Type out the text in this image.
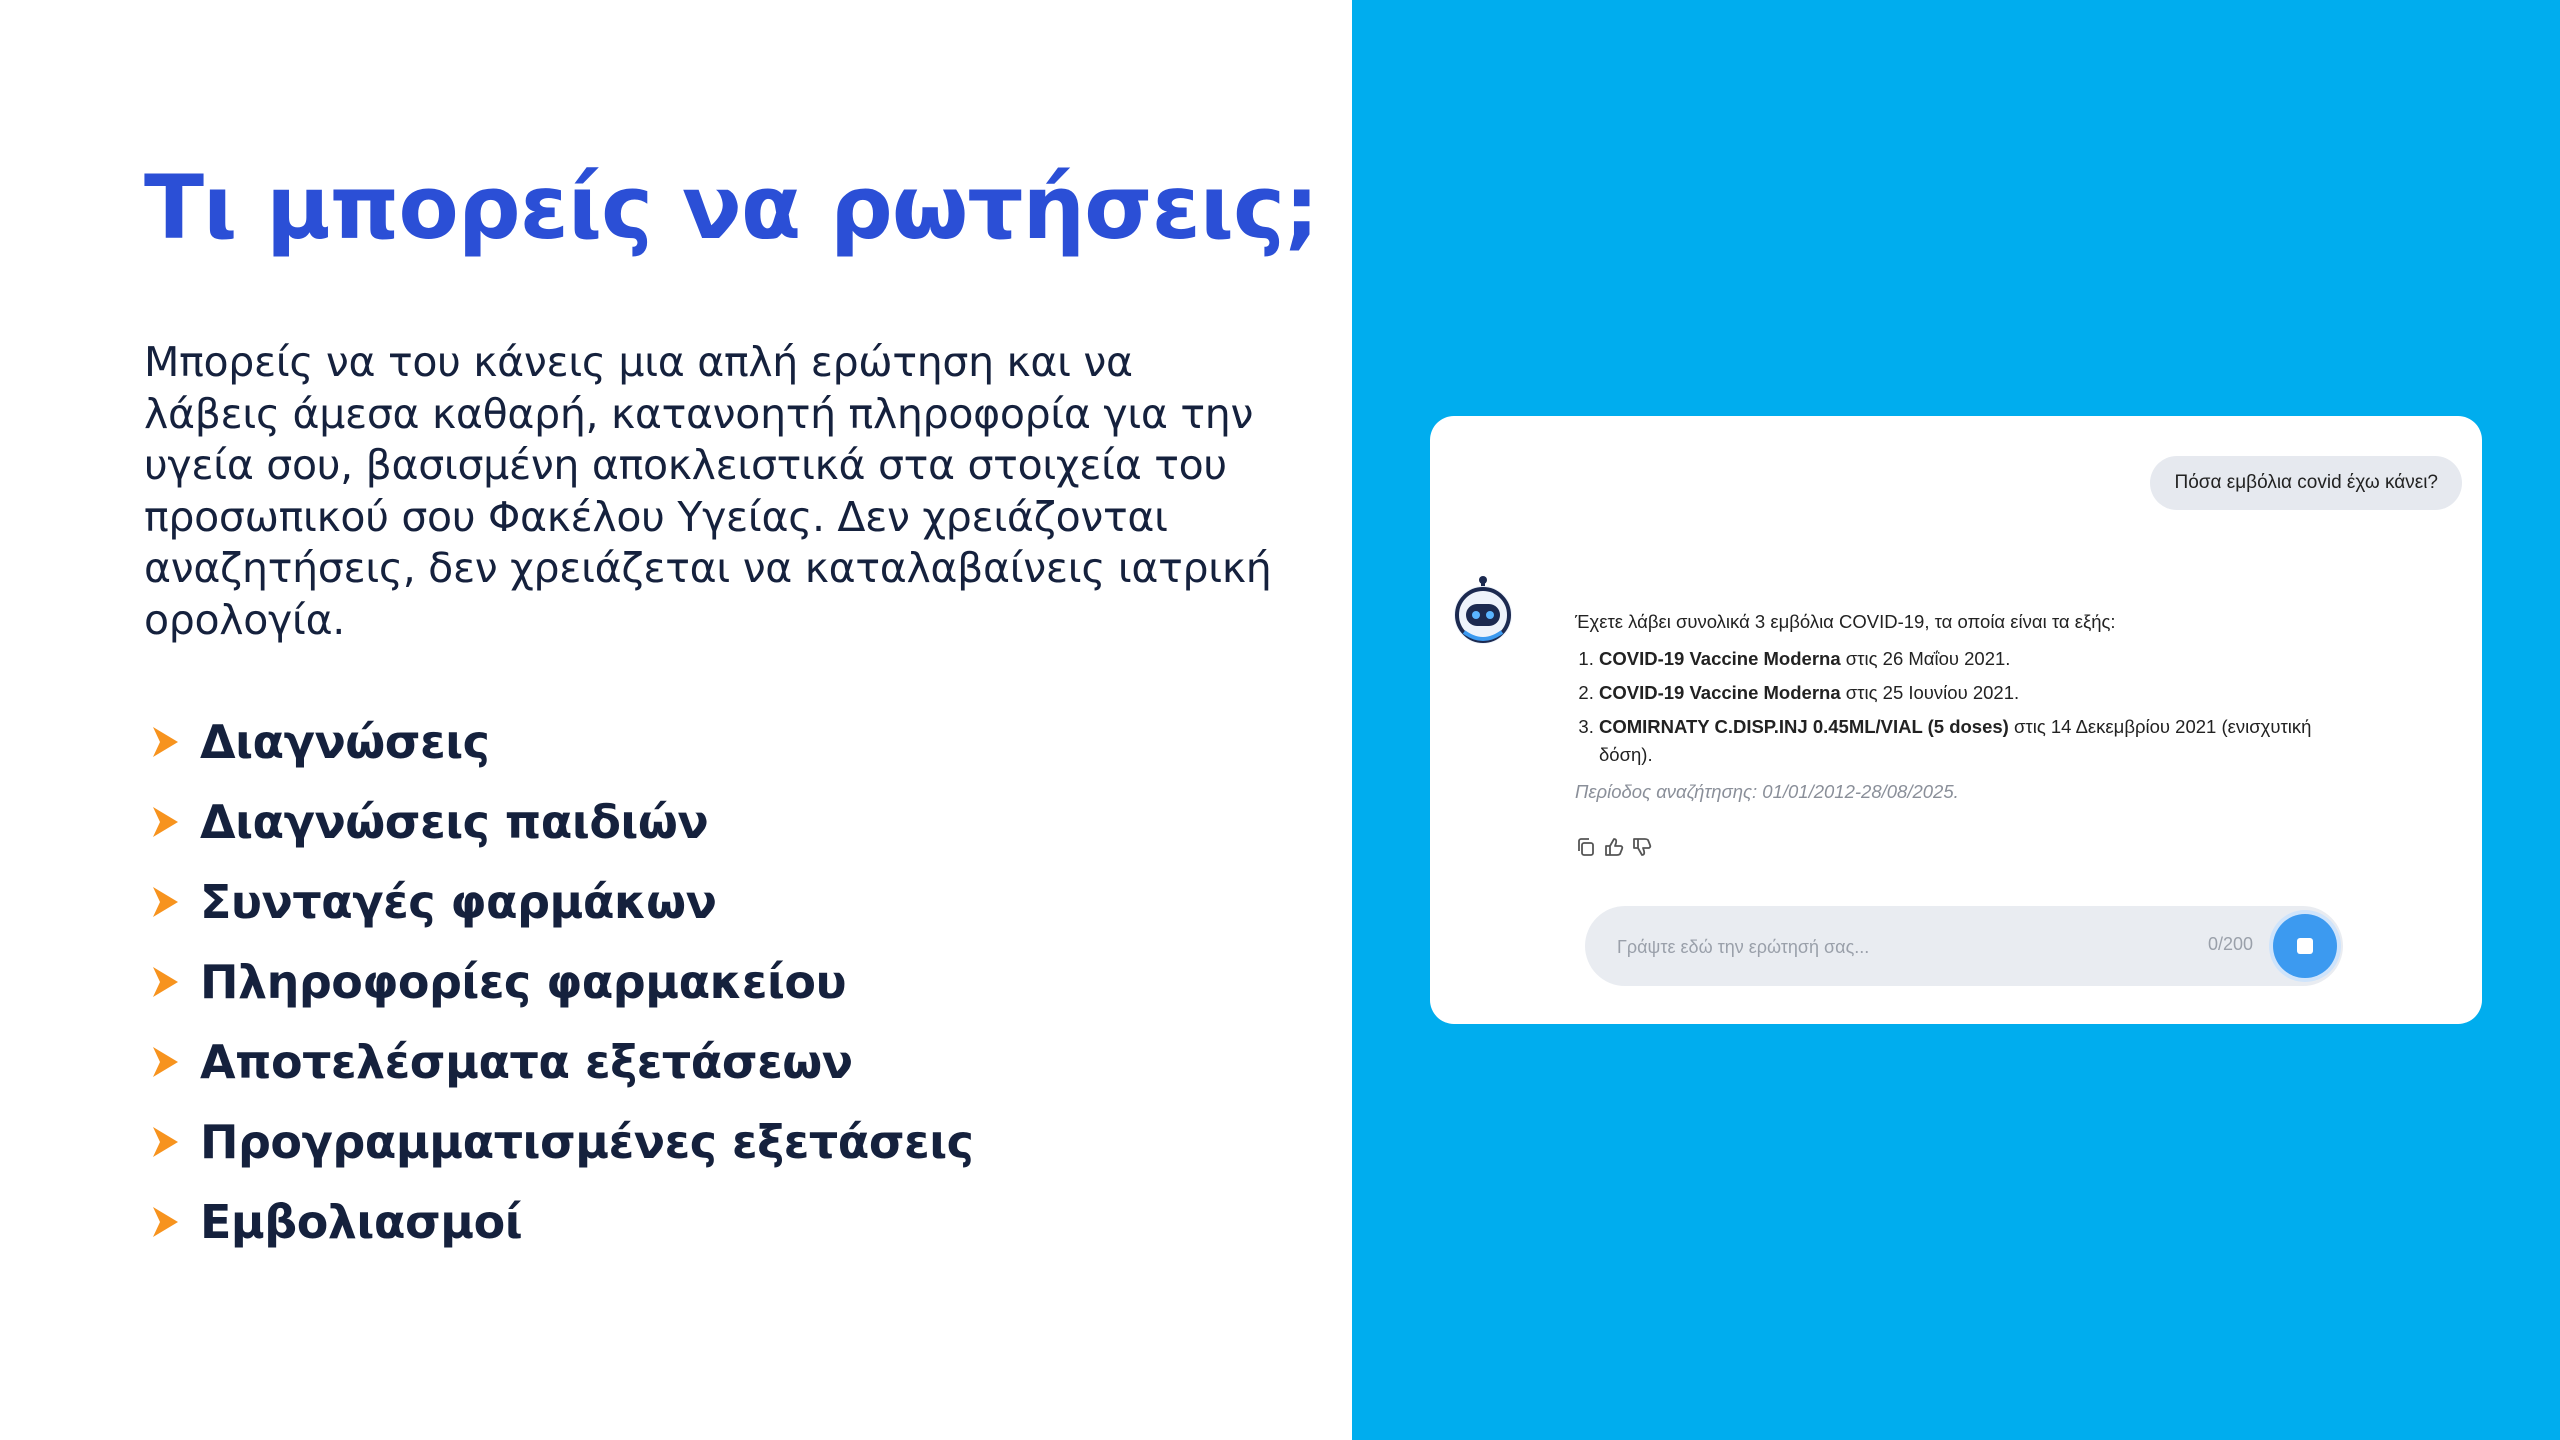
Τι μπορείς να ρωτήσεις;

Μπορείς να του κάνεις μια απλή ερώτηση και να λάβεις άμεσα καθαρή, κατανοητή πληροφορία για την υγεία σου, βασισμένη αποκλειστικά στα στοιχεία του προσωπικού σου Φακέλου Υγείας. Δεν χρειάζονται αναζητήσεις, δεν χρειάζεται να καταλαβαίνεις ιατρική ορολογία.

Διαγνώσεις
Διαγνώσεις παιδιών
Συνταγές φαρμάκων
Πληροφορίες φαρμακείου
Αποτελέσματα εξετάσεων
Προγραμματισμένες εξετάσεις
Εμβολιασμοί
Πόσα εμβόλια covid έχω κάνει?

Έχετε λάβει συνολικά 3 εμβόλια COVID-19, τα οποία είναι τα εξής:

1. COVID-19 Vaccine Moderna στις 26 Μαΐου 2021.
2. COVID-19 Vaccine Moderna στις 25 Ιουνίου 2021.
3. COMIRNATY C.DISP.INJ 0.45ML/VIAL (5 doses) στις 14 Δεκεμβρίου 2021 (ενισχυτική δόση).

Περίοδος αναζήτησης: 01/01/2012-28/08/2025.

Γράψτε εδώ την ερώτησή σας...
0/200
